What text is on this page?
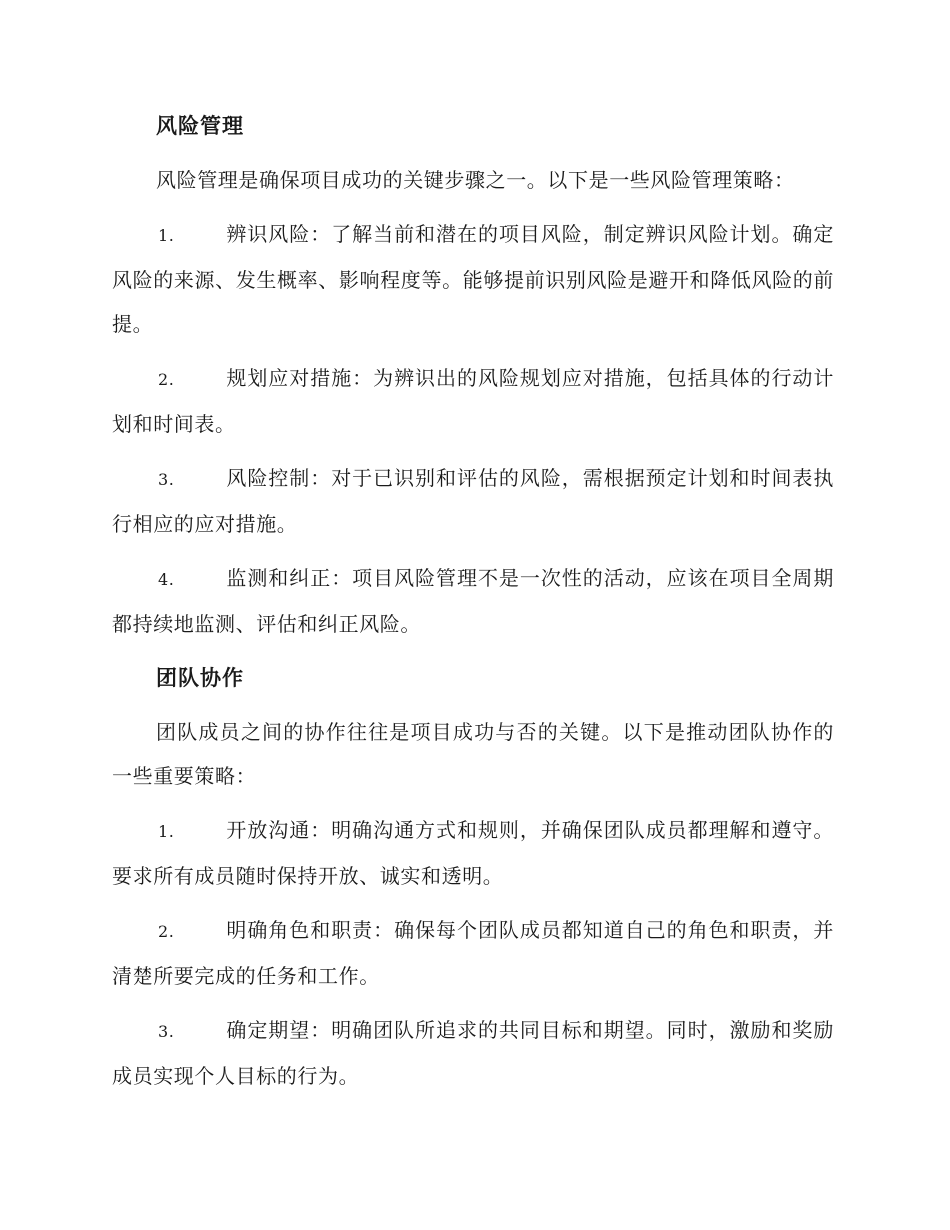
风险管理
风险管理是确保项目成功的关键步骤之一。以下是一些风险管理策略：
1.	辨识风险：了解当前和潜在的项目风险，制定辨识风险计划。确定风险的来源、发生概率、影响程度等。能够提前识别风险是避开和降低风险的前提。
2.	规划应对措施：为辨识出的风险规划应对措施，包括具体的行动计划和时间表。
3.	风险控制：对于已识别和评估的风险，需根据预定计划和时间表执行相应的应对措施。
4.	监测和纠正：项目风险管理不是一次性的活动，应该在项目全周期都持续地监测、评估和纠正风险。
团队协作
团队成员之间的协作往往是项目成功与否的关键。以下是推动团队协作的一些重要策略：
1.	开放沟通：明确沟通方式和规则，并确保团队成员都理解和遵守。要求所有成员随时保持开放、诚实和透明。
2.	明确角色和职责：确保每个团队成员都知道自己的角色和职责，并清楚所要完成的任务和工作。
3.	确定期望：明确团队所追求的共同目标和期望。同时，激励和奖励成员实现个人目标的行为。
